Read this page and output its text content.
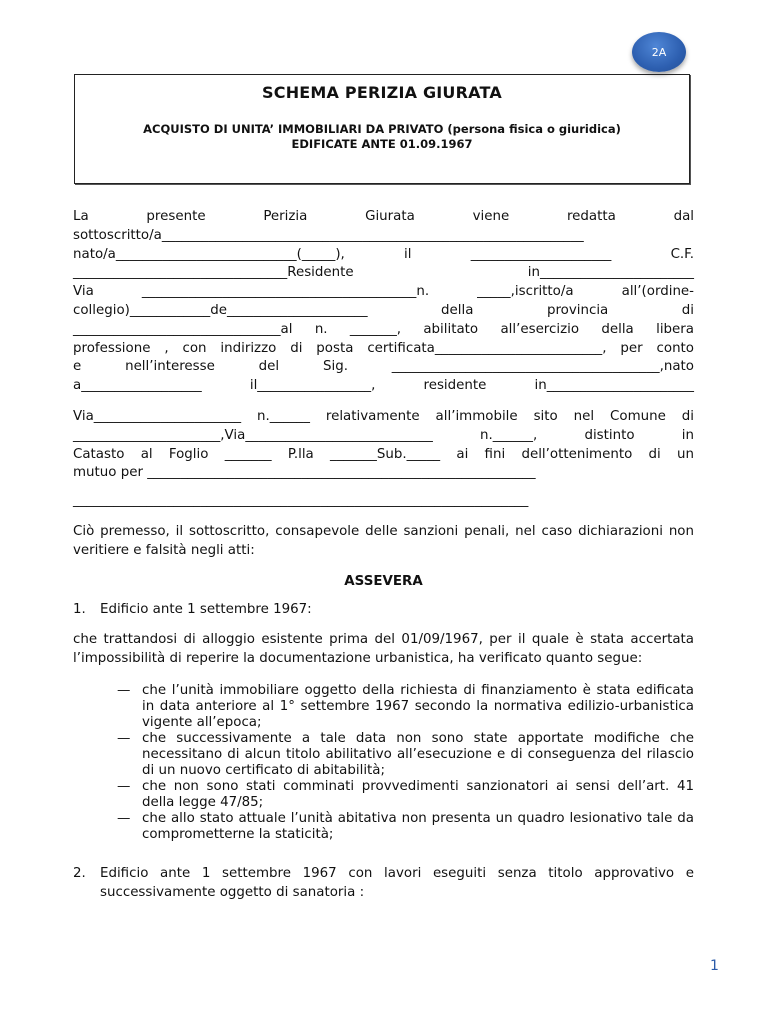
2A
SCHEMA PERIZIA GIURATA
ACQUISTO DI UNITA’ IMMOBILIARI DA PRIVATO (persona fisica o giuridica)
EDIFICATE ANTE 01.09.1967

La presente Perizia Giurata viene redatta dal

sottoscritto/a_______________________________________________________________

nato/a___________________________(_____), il _____________________ C.F.

________________________________Residente in_______________________

Via _________________________________________n. _____,iscritto/a all’(ordine-

collegio)____________de_____________________ della provincia di

_______________________________al n. _______, abilitato all’esercizio della libera

professione , con indirizzo di posta certificata_________________________, per conto

e nell’interesse del Sig. ________________________________________,nato

a__________________ il_________________, residente in______________________

Via______________________ n.______ relativamente all’immobile sito nel Comune di

______________________,Via____________________________ n.______, distinto in

Catasto al Foglio _______ P.lla _______Sub._____ ai fini dell’ottenimento di un

mutuo per __________________________________________________________

____________________________________________________________________

Ciò premesso, il sottoscritto, consapevole delle sanzioni penali, nel caso dichiarazioni non veritiere e falsità negli atti:

ASSEVERA
1.	Edificio ante 1 settembre 1967:

che trattandosi di alloggio esistente prima del 01/09/1967, per il quale è stata accertata l’impossibilità di reperire la documentazione urbanistica, ha verificato quanto segue:

— che l’unità immobiliare oggetto della richiesta di finanziamento è stata edificata in data anteriore al 1° settembre 1967 secondo la normativa edilizio-urbanistica vigente all’epoca;
— che successivamente a tale data non sono state apportate modifiche che necessitano di alcun titolo abilitativo all’esecuzione e di conseguenza del rilascio di un nuovo certificato di abitabilità;
— che non sono stati comminati provvedimenti sanzionatori ai sensi dell’art. 41 della legge 47/85;
— che allo stato attuale l’unità abitativa non presenta un quadro lesionativo tale da comprometterne la staticità;
2.	Edificio ante 1 settembre 1967 con lavori eseguiti senza titolo approvativo e successivamente oggetto di sanatoria :
1
